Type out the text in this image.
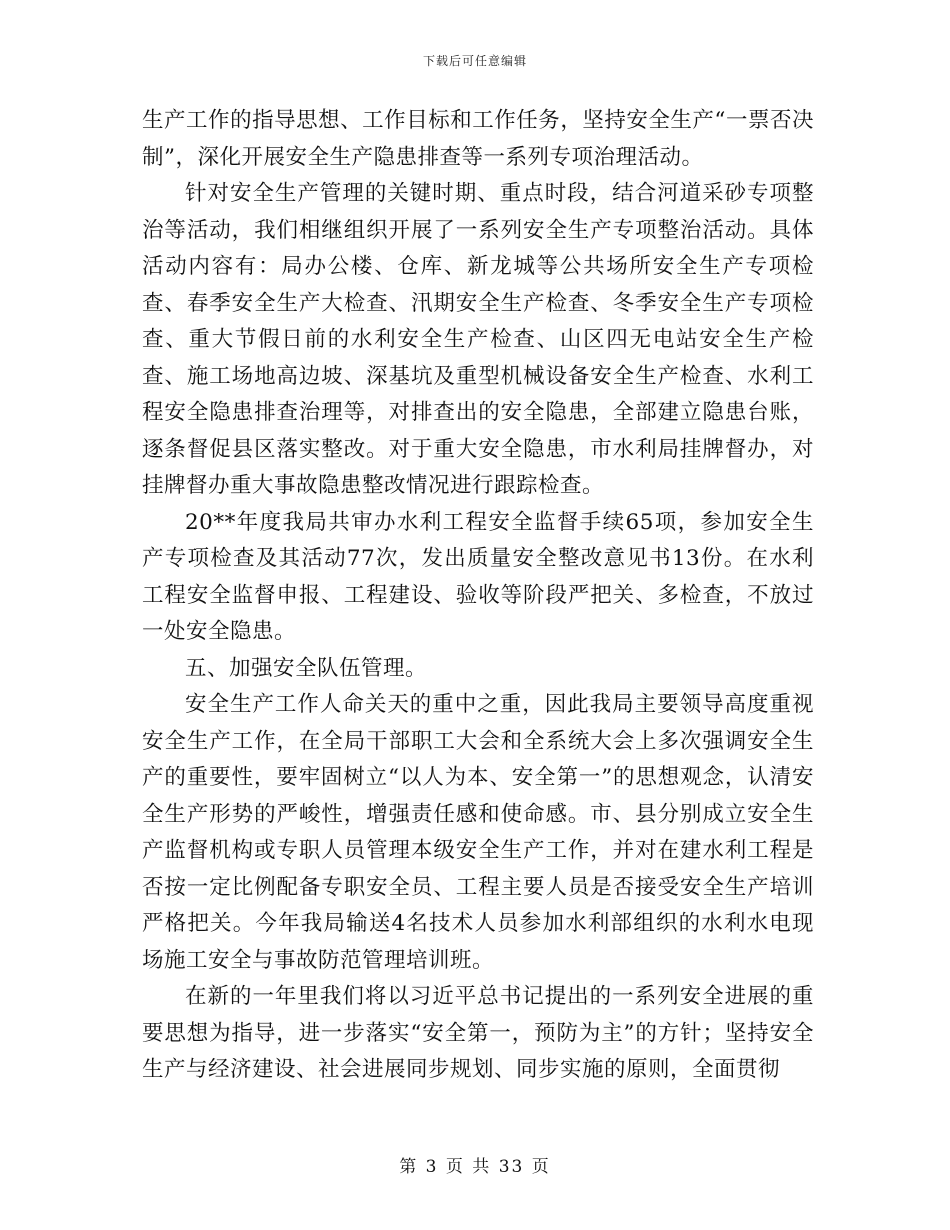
下载后可任意编辑

生产工作的指导思想、工作目标和工作任务，坚持安全生产“一票否决制”，深化开展安全生产隐患排查等一系列专项治理活动。

针对安全生产管理的关键时期、重点时段，结合河道采砂专项整治等活动，我们相继组织开展了一系列安全生产专项整治活动。具体活动内容有：局办公楼、仓库、新龙城等公共场所安全生产专项检查、春季安全生产大检查、汛期安全生产检查、冬季安全生产专项检查、重大节假日前的水利安全生产检查、山区四无电站安全生产检查、施工场地高边坡、深基坑及重型机械设备安全生产检查、水利工程安全隐患排查治理等，对排查出的安全隐患，全部建立隐患台账，逐条督促县区落实整改。对于重大安全隐患，市水利局挂牌督办，对挂牌督办重大事故隐患整改情况进行跟踪检查。

20**年度我局共审办水利工程安全监督手续65项，参加安全生产专项检查及其活动77次，发出质量安全整改意见书13份。在水利工程安全监督申报、工程建设、验收等阶段严把关、多检查，不放过一处安全隐患。

五、加强安全队伍管理。

安全生产工作人命关天的重中之重，因此我局主要领导高度重视安全生产工作，在全局干部职工大会和全系统大会上多次强调安全生产的重要性，要牢固树立“以人为本、安全第一”的思想观念，认清安全生产形势的严峻性，增强责任感和使命感。市、县分别成立安全生产监督机构或专职人员管理本级安全生产工作，并对在建水利工程是否按一定比例配备专职安全员、工程主要人员是否接受安全生产培训严格把关。今年我局输送4名技术人员参加水利部组织的水利水电现场施工安全与事故防范管理培训班。

在新的一年里我们将以习近平总书记提出的一系列安全进展的重要思想为指导，进一步落实“安全第一，预防为主”的方针；坚持安全生产与经济建设、社会进展同步规划、同步实施的原则，全面贯彻

第 3 页 共 33 页
